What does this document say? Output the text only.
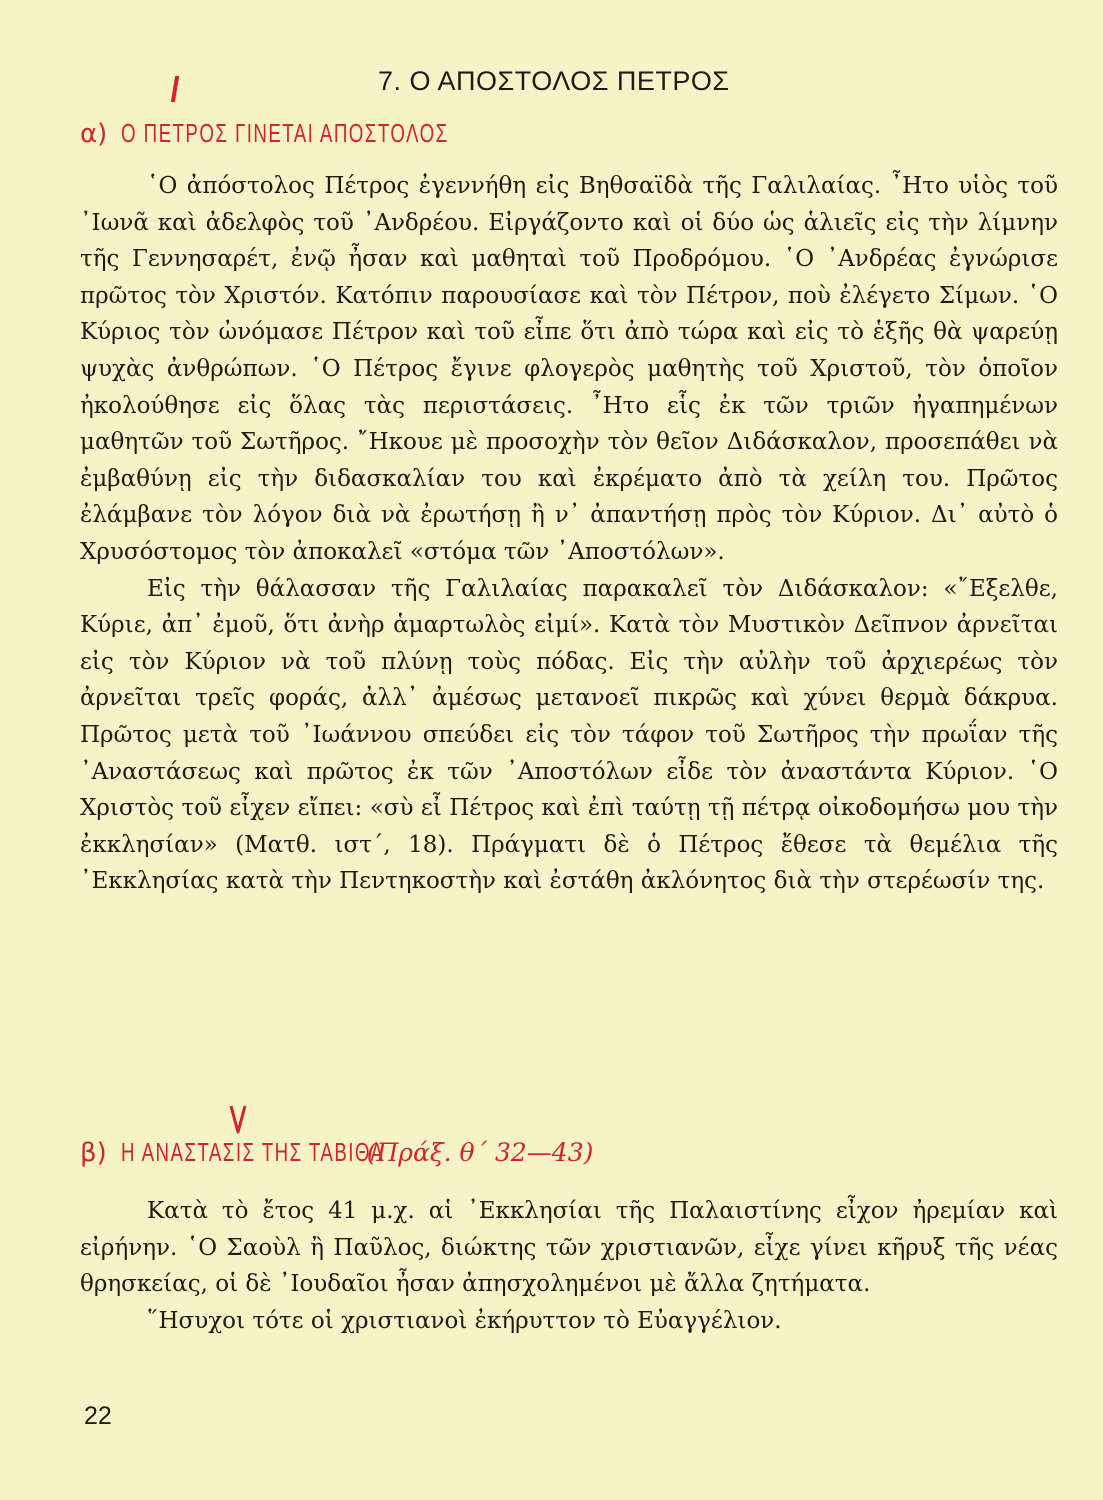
7. Ο ΑΠΟΣΤΟΛΟΣ ΠΕΤΡΟΣ
α) Ο ΠΕΤΡΟΣ ΓΙΝΕΤΑΙ ΑΠΟΣΤΟΛΟΣ

῾Ο ἀπόστολος Πέτρος ἐγεννήθη εἰς Βηθσαϊδὰ τῆς Γαλιλαίας. ῏Ητο υἱὸς τοῦ ᾿Ιωνᾶ καὶ ἀδελφὸς τοῦ ᾿Ανδρέου. Εἰργάζοντο καὶ οἱ δύο ὡς ἁλιεῖς εἰς τὴν λίμνην τῆς Γεννησαρέτ, ἐνῷ ἦσαν καὶ μαθηταὶ τοῦ Προδρόμου. ῾Ο ᾿Ανδρέας ἐγνώρισε πρῶτος τὸν Χριστόν. Κατόπιν παρουσίασε καὶ τὸν Πέτρον, ποὺ ἐλέγετο Σίμων. ῾Ο Κύριος τὸν ὠνόμασε Πέτρον καὶ τοῦ εἶπε ὅτι ἀπὸ τώρα καὶ εἰς τὸ ἑξῆς θὰ ψαρεύῃ ψυχὰς ἀνθρώπων. ῾Ο Πέτρος ἔγινε φλογερὸς μαθητὴς τοῦ Χριστοῦ, τὸν ὁποῖον ἠκολούθησε εἰς ὅλας τὰς περιστάσεις. ῏Ητο εἷς ἐκ τῶν τριῶν ἠγαπημένων μαθητῶν τοῦ Σωτῆρος. ῎Ηκουε μὲ προσοχὴν τὸν θεῖον Διδάσκαλον, προσεπάθει νὰ ἐμβαθύνῃ εἰς τὴν διδασκαλίαν του καὶ ἐκρέματο ἀπὸ τὰ χείλη του. Πρῶτος ἐλάμβανε τὸν λόγον διὰ νὰ ἐρωτήσῃ ἢ ν᾿ ἀπαντήσῃ πρὸς τὸν Κύριον. Δι᾿ αὐτὸ ὁ Χρυσόστομος τὸν ἀποκαλεῖ «στόμα τῶν ᾿Αποστόλων».

Εἰς τὴν θάλασσαν τῆς Γαλιλαίας παρακαλεῖ τὸν Διδάσκαλον: «῎Εξελθε, Κύριε, ἀπ᾿ ἐμοῦ, ὅτι ἀνὴρ ἁμαρτωλὸς εἰμί». Κατὰ τὸν Μυστικὸν Δεῖπνον ἀρνεῖται εἰς τὸν Κύριον νὰ τοῦ πλύνῃ τοὺς πόδας. Εἰς τὴν αὐλὴν τοῦ ἀρχιερέως τὸν ἀρνεῖται τρεῖς φοράς, ἀλλ᾿ ἀμέσως μετανοεῖ πικρῶς καὶ χύνει θερμὰ δάκρυα. Πρῶτος μετὰ τοῦ ᾿Ιωάννου σπεύδει εἰς τὸν τάφον τοῦ Σωτῆρος τὴν πρωΐαν τῆς ᾿Αναστάσεως καὶ πρῶτος ἐκ τῶν ᾿Αποστόλων εἶδε τὸν ἀναστάντα Κύριον. ῾Ο Χριστὸς τοῦ εἶχεν εἴπει: «σὺ εἶ Πέτρος καὶ ἐπὶ ταύτῃ τῇ πέτρᾳ οἰκοδομήσω μου τὴν ἐκκλησίαν» (Ματθ. ιστ΄, 18). Πράγματι δὲ ὁ Πέτρος ἔθεσε τὰ θεμέλια τῆς ᾿Εκκλησίας κατὰ τὴν Πεντηκοστὴν καὶ ἐστάθη ἀκλόνητος διὰ τὴν στερέωσίν της.

β) Η ΑΝΑΣΤΑΣΙΣ ΤΗΣ ΤΑΒΙΘΑ
(Πράξ. θ΄ 32—43)

Κατὰ τὸ ἔτος 41 μ.χ. αἱ ᾿Εκκλησίαι τῆς Παλαιστίνης εἶχον ἠρεμίαν καὶ εἰρήνην. ῾Ο Σαοὺλ ἢ Παῦλος, διώκτης τῶν χριστιανῶν, εἶχε γίνει κῆρυξ τῆς νέας θρησκείας, οἱ δὲ ᾿Ιουδαῖοι ἦσαν ἀπησχολημένοι μὲ ἄλλα ζητήματα.

῞Ησυχοι τότε οἱ χριστιανοὶ ἐκήρυττον τὸ Εὐαγγέλιον.

22
